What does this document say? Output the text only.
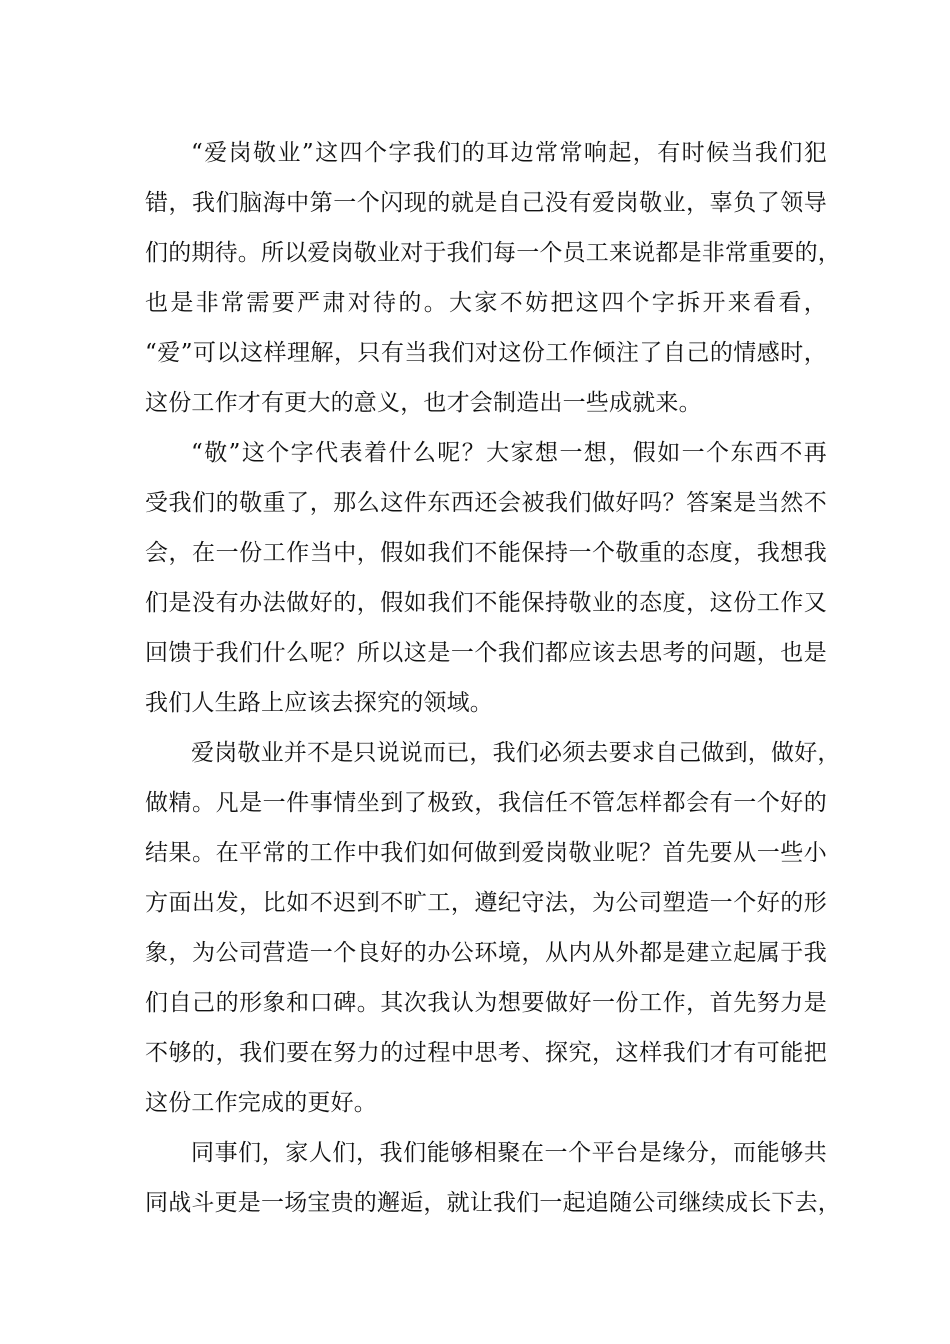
“爱岗敬业”这四个字我们的耳边常常响起，有时候当我们犯
错，我们脑海中第一个闪现的就是自己没有爱岗敬业，辜负了领导
们的期待。所以爱岗敬业对于我们每一个员工来说都是非常重要的，
也是非常需要严肃对待的。大家不妨把这四个字拆开来看看，
“爱”可以这样理解，只有当我们对这份工作倾注了自己的情感时，
这份工作才有更大的意义，也才会制造出一些成就来。
“敬”这个字代表着什么呢？大家想一想，假如一个东西不再
受我们的敬重了，那么这件东西还会被我们做好吗？答案是当然不
会，在一份工作当中，假如我们不能保持一个敬重的态度，我想我
们是没有办法做好的，假如我们不能保持敬业的态度，这份工作又
回馈于我们什么呢？所以这是一个我们都应该去思考的问题，也是
我们人生路上应该去探究的领域。
爱岗敬业并不是只说说而已，我们必须去要求自己做到，做好，
做精。凡是一件事情坐到了极致，我信任不管怎样都会有一个好的
结果。在平常的工作中我们如何做到爱岗敬业呢？首先要从一些小
方面出发，比如不迟到不旷工，遵纪守法，为公司塑造一个好的形
象，为公司营造一个良好的办公环境，从内从外都是建立起属于我
们自己的形象和口碑。其次我认为想要做好一份工作，首先努力是
不够的，我们要在努力的过程中思考、探究，这样我们才有可能把
这份工作完成的更好。
同事们，家人们，我们能够相聚在一个平台是缘分，而能够共
同战斗更是一场宝贵的邂逅，就让我们一起追随公司继续成长下去，
